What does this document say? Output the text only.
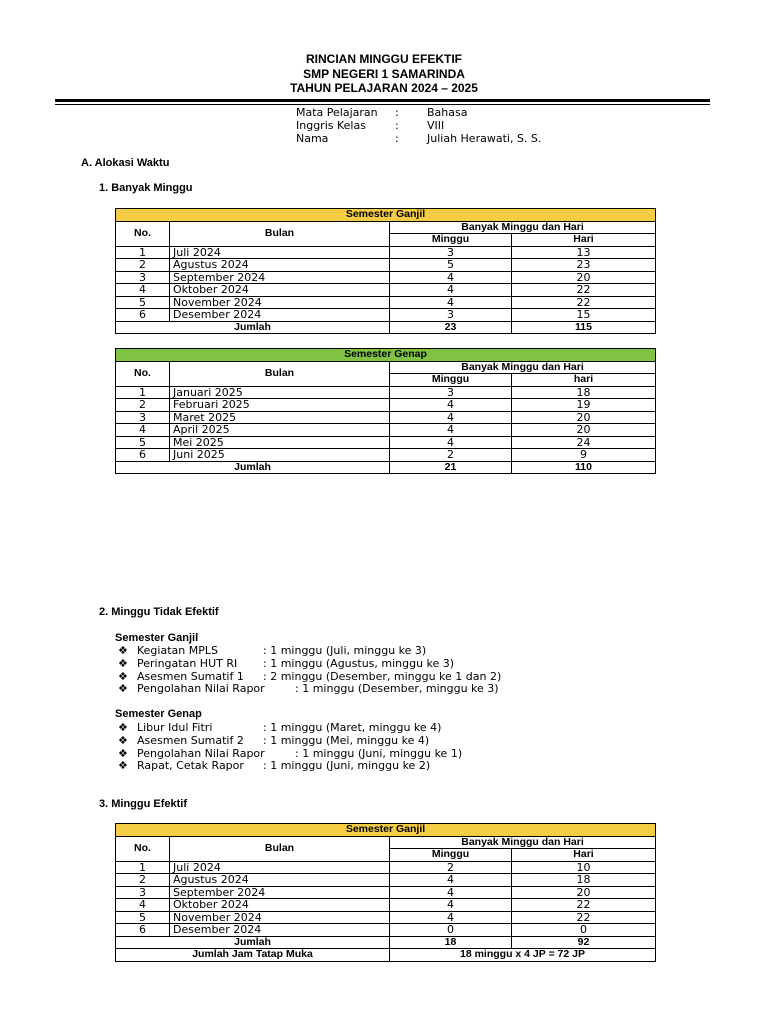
RINCIAN MINGGU EFEKTIF
SMP NEGERI 1 SAMARINDA
TAHUN PELAJARAN 2024 – 2025
Mata Pelajaran	:	Bahasa
Inggris Kelas	:	VIII
Nama	:	Juliah Herawati, S. S.
A. Alokasi Waktu
1. Banyak Minggu
Semester Ganjil			
No.	Bulan	Banyak Minggu dan Hari	
		Minggu	Hari
1	Juli 2024	3	13
2	Agustus 2024	5	23
3	September 2024	4	20
4	Oktober 2024	4	22
5	November 2024	4	22
6	Desember 2024	3	15
Jumlah		23	115
Semester Genap			
No.	Bulan	Banyak Minggu dan Hari	
		Minggu	hari
1	Januari 2025	3	18
2	Februari 2025	4	19
3	Maret 2025	4	20
4	April 2025	4	20
5	Mei 2025	4	24
6	Juni 2025	2	9
Jumlah		21	110
2. Minggu Tidak Efektif
Semester Ganjil
❖ Kegiatan MPLS	: 1 minggu (Juli, minggu ke 3)
❖ Peringatan HUT RI : 1 minggu (Agustus, minggu ke 3)
❖ Asesmen Sumatif 1 : 2 minggu (Desember, minggu ke 1 dan 2)
❖ Pengolahan Nilai Rapor	: 1 minggu (Desember, minggu ke 3)
Semester Genap
❖ Libur Idul Fitri	: 1 minggu (Maret, minggu ke 4)
❖ Asesmen Sumatif 2 : 1 minggu (Mei, minggu ke 4)
❖ Pengolahan Nilai Rapor	: 1 minggu (Juni, minggu ke 1)
❖ Rapat, Cetak Rapor : 1 minggu (Juni, minggu ke 2)
3. Minggu Efektif
Semester Ganjil			
No.	Bulan	Banyak Minggu dan Hari	
		Minggu	Hari
1	Juli 2024	2	10
2	Agustus 2024	4	18
3	September 2024	4	20
4	Oktober 2024	4	22
5	November 2024	4	22
6	Desember 2024	0	0
Jumlah		18	92
Jumlah Jam Tatap Muka		18 minggu x 4 JP = 72 JP	
